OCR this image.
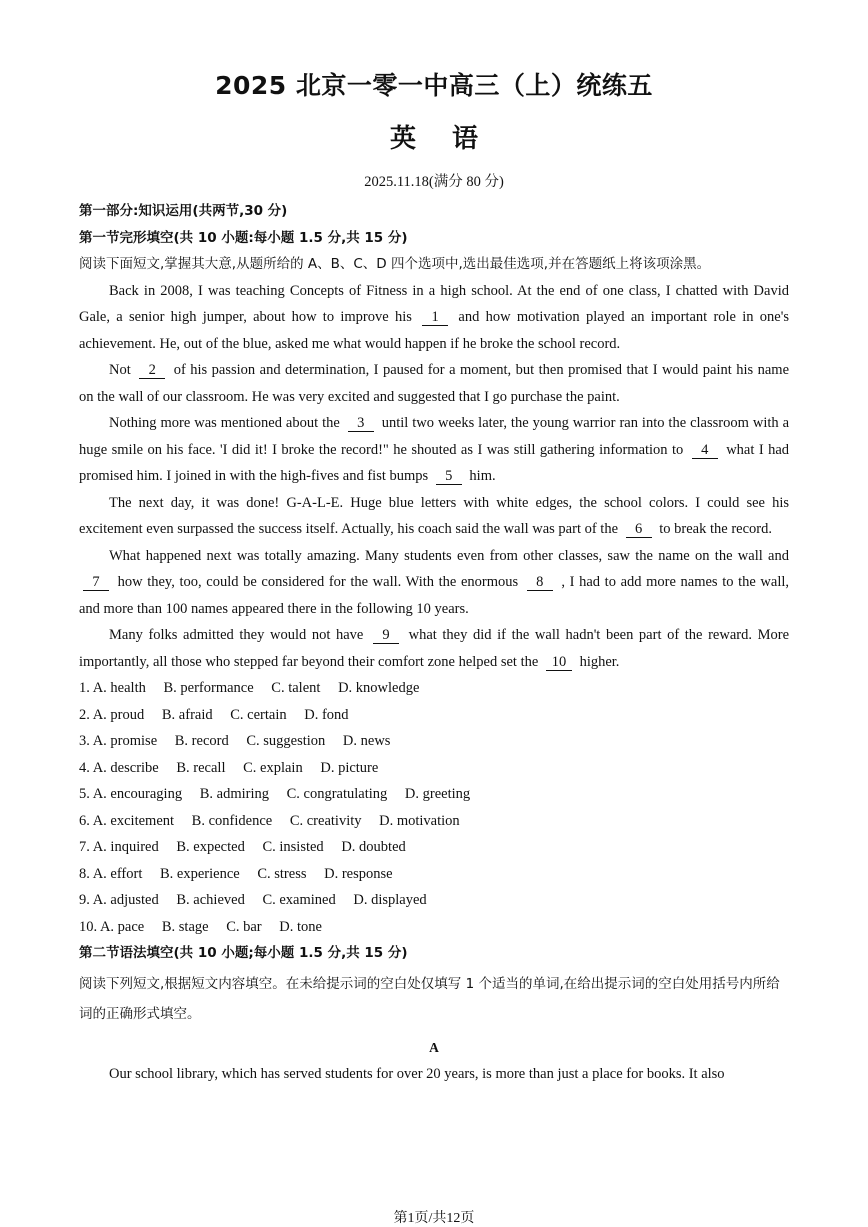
2025 北京一零一中高三（上）统练五
英语
2025.11.18(满分 80 分)

第一部分:知识运用(共两节,30 分)

第一节完形填空(共 10 小题:每小题 1.5 分,共 15 分)

阅读下面短文,掌握其大意,从题所给的 A、B、C、D 四个选项中,选出最佳选项,并在答题纸上将该项涂黑。

Back in 2008, I was teaching Concepts of Fitness in a high school. At the end of one class, I chatted with David Gale, a senior high jumper, about how to improve his 1 and how motivation played an important role in one's achievement. He, out of the blue, asked me what would happen if he broke the school record.

Not 2 of his passion and determination, I paused for a moment, but then promised that I would paint his name on the wall of our classroom. He was very excited and suggested that I go purchase the paint.

Nothing more was mentioned about the 3 until two weeks later, the young warrior ran into the classroom with a huge smile on his face. 'I did it! I broke the record!" he shouted as I was still gathering information to 4 what I had promised him. I joined in with the high-fives and fist bumps 5 him.

The next day, it was done! G-A-L-E. Huge blue letters with white edges, the school colors. I could see his excitement even surpassed the success itself. Actually, his coach said the wall was part of the 6 to break the record.

What happened next was totally amazing. Many students even from other classes, saw the name on the wall and 7 how they, too, could be considered for the wall. With the enormous 8 , I had to add more names to the wall, and more than 100 names appeared there in the following 10 years.

Many folks admitted they would not have 9 what they did if the wall hadn't been part of the reward. More importantly, all those who stepped far beyond their comfort zone helped set the 10 higher.

1. A. health B. performance C. talent D. knowledge

2. A. proud B. afraid C. certain D. fond

3. A. promise B. record C. suggestion D. news

4. A. describe B. recall C. explain D. picture

5. A. encouraging B. admiring C. congratulating D. greeting

6. A. excitement B. confidence C. creativity D. motivation

7. A. inquired B. expected C. insisted D. doubted

8. A. effort B. experience C. stress D. response

9. A. adjusted B. achieved C. examined D. displayed

10. A. pace B. stage C. bar D. tone

第二节语法填空(共 10 小题;每小题 1.5 分,共 15 分)

阅读下列短文,根据短文内容填空。在未给提示词的空白处仅填写 1 个适当的单词,在给出提示词的空白处用括号内所给词的正确形式填空。

A

Our school library, which has served students for over 20 years, is more than just a place for books. It also

第1页/共12页
